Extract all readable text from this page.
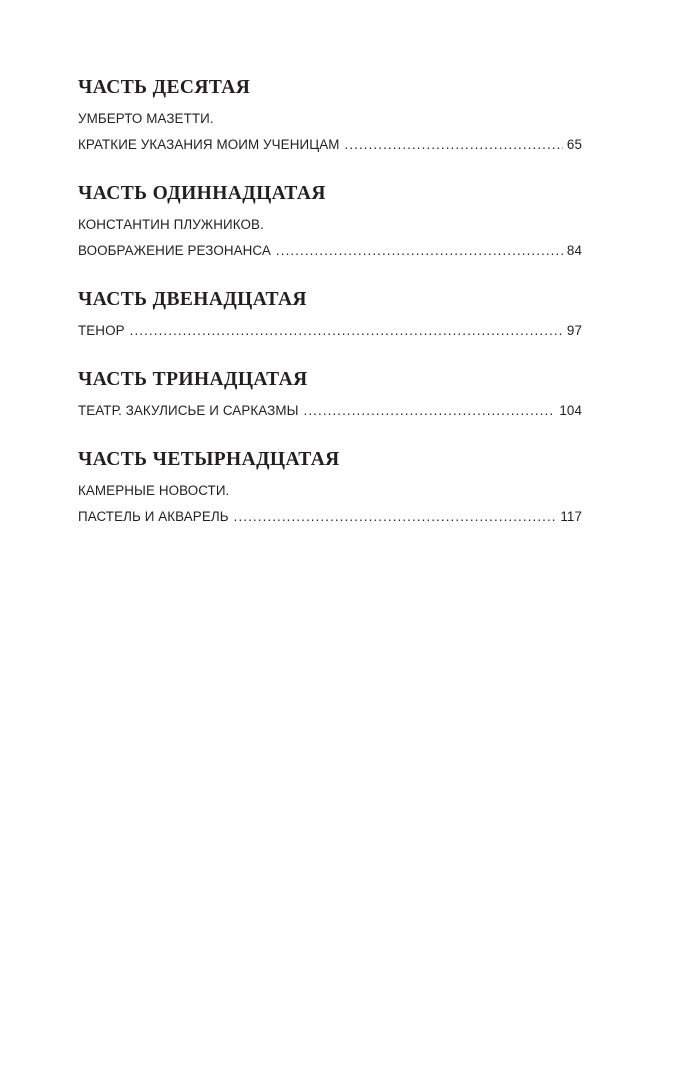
ЧАСТЬ ДЕСЯТАЯ
УМБЕРТО МАЗЕТТИ.
КРАТКИЕ УКАЗАНИЯ МОИМ УЧЕНИЦАМ .....	65
ЧАСТЬ ОДИННАДЦАТАЯ
КОНСТАНТИН ПЛУЖНИКОВ.
ВООБРАЖЕНИЕ РЕЗОНАНСА .....	84
ЧАСТЬ ДВЕНАДЦАТАЯ
ТЕНОР .....	97
ЧАСТЬ ТРИНАДЦАТАЯ
ТЕАТР. ЗАКУЛИСЬЕ И САРКАЗМЫ .....	104
ЧАСТЬ ЧЕТЫРНАДЦАТАЯ
КАМЕРНЫЕ НОВОСТИ.
ПАСТЕЛЬ И АКВАРЕЛЬ .....	117
